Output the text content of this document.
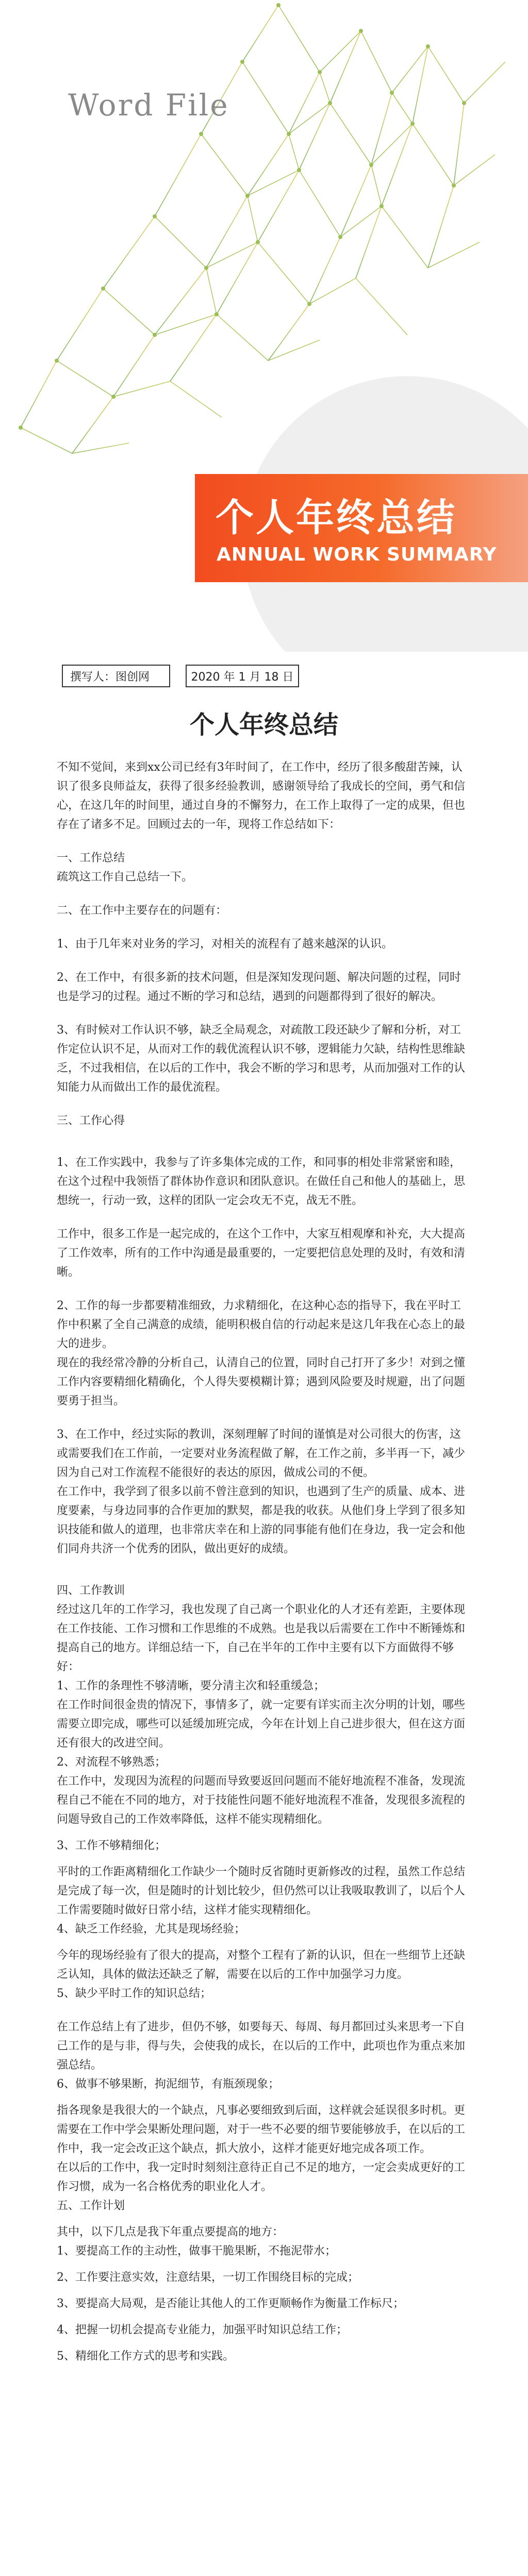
Word File
个人年终总结
ANNUAL WORK SUMMARY
撰写人：图创网	2020 年 1 月 18 日
个人年终总结

不知不觉间，来到xx公司已经有3年时间了，在工作中，经历了很多酸甜苦辣，认识了很多良师益友，获得了很多经验教训，感谢领导给了我成长的空间，勇气和信心，在这几年的时间里，通过自身的不懈努力，在工作上取得了一定的成果，但也存在了诸多不足。回顾过去的一年，现将工作总结如下：

一、工作总结

疏筑这工作自己总结一下。

二、在工作中主要存在的问题有：

1、由于几年来对业务的学习，对相关的流程有了越来越深的认识。

2、在工作中，有很多新的技术问题，但是深知发现问题、解决问题的过程，同时也是学习的过程。通过不断的学习和总结，遇到的问题都得到了很好的解决。

3、有时候对工作认识不够，缺乏全局观念，对疏散工段还缺少了解和分析，对工作定位认识不足，从而对工作的载优流程认识不够，逻辑能力欠缺，结构性思维缺乏，不过我相信，在以后的工作中，我会不断的学习和思考，从而加强对工作的认知能力从而做出工作的最优流程。

三、工作心得

1、在工作实践中，我参与了许多集体完成的工作，和同事的相处非常紧密和睦，在这个过程中我领悟了群体协作意识和团队意识。在做任自己和他人的基础上，思想统一，行动一致，这样的团队一定会攻无不克，战无不胜。

工作中，很多工作是一起完成的，在这个工作中，大家互相观摩和补充，大大提高了工作效率，所有的工作中沟通是最重要的，一定要把信息处理的及时，有效和清晰。

2、工作的每一步都要精准细致，力求精细化，在这种心态的指导下，我在平时工作中积累了全自己满意的成绩，能明积极自信的行动起来是这几年我在心态上的最大的进步。

现在的我经常冷静的分析自己，认清自己的位置，同时自己打开了多少！对到之懂工作内容要精细化精确化，个人得失要模糊计算；遇到风险要及时规避，出了问题要勇于担当。

3、在工作中，经过实际的教训，深刻理解了时间的谨慎是对公司很大的伤害，这或需要我们在工作前，一定要对业务流程做了解，在工作之前，多半再一下，减少因为自己对工作流程不能很好的表达的原因，做成公司的不便。

在工作中，我学到了很多以前不曾注意到的知识，也遇到了生产的质量、成本、进度要素，与身边同事的合作更加的默契，都是我的收获。从他们身上学到了很多知识技能和做人的道理，也非常庆幸在和上游的同事能有他们在身边，我一定会和他们同舟共济一个优秀的团队，做出更好的成绩。

四、工作教训

经过这几年的工作学习，我也发现了自己离一个职业化的人才还有差距，主要体现在工作技能、工作习惯和工作思维的不成熟。也是我以后需要在工作中不断锤炼和提高自己的地方。详细总结一下，自己在半年的工作中主要有以下方面做得不够好：

1、工作的条理性不够清晰，要分清主次和轻重缓急；

在工作时间很金贵的情况下，事情多了，就一定要有详实而主次分明的计划，哪些需要立即完成，哪些可以延缓加班完成，今年在计划上自己进步很大，但在这方面还有很大的改进空间。

2、对流程不够熟悉；

在工作中，发现因为流程的问题而导致要返回问题而不能好地流程不准备，发现流程自己不能在不同的地方，对于技能性问题不能好地流程不准备，发现很多流程的问题导致自己的工作效率降低，这样不能实现精细化。

3、工作不够精细化；

平时的工作距离精细化工作缺少一个随时反省随时更新修改的过程，虽然工作总结是完成了每一次，但是随时的计划比较少，但仍然可以让我吸取教训了，以后个人工作需要随时做好日常小结，这样才能实现精细化。

4、缺乏工作经验，尤其是现场经验；

今年的现场经验有了很大的提高，对整个工程有了新的认识，但在一些细节上还缺乏认知，具体的做法还缺乏了解，需要在以后的工作中加强学习力度。

5、缺少平时工作的知识总结；

在工作总结上有了进步，但仍不够，如要每天、每周、每月都回过头来思考一下自己工作的是与非，得与失，会使我的成长，在以后的工作中，此项也作为重点来加强总结。

6、做事不够果断，拘泥细节，有瓶颈现象；

指各现象是我很大的一个缺点，凡事必要细致到后面，这样就会延误很多时机。更需要在工作中学会果断处理问题，对于一些不必要的细节要能够放手，在以后的工作中，我一定会改正这个缺点，抓大放小，这样才能更好地完成各项工作。

在以后的工作中，我一定时时刻刻注意待正自己不足的地方，一定会卖成更好的工作习惯，成为一名合格优秀的职业化人才。

五、工作计划

其中，以下几点是我下年重点要提高的地方：

1、要提高工作的主动性，做事干脆果断，不拖泥带水；

2、工作要注意实效，注意结果，一切工作围绕目标的完成；

3、要提高大局观，是否能让其他人的工作更顺畅作为衡量工作标尺；

4、把握一切机会提高专业能力，加强平时知识总结工作；

5、精细化工作方式的思考和实践。
